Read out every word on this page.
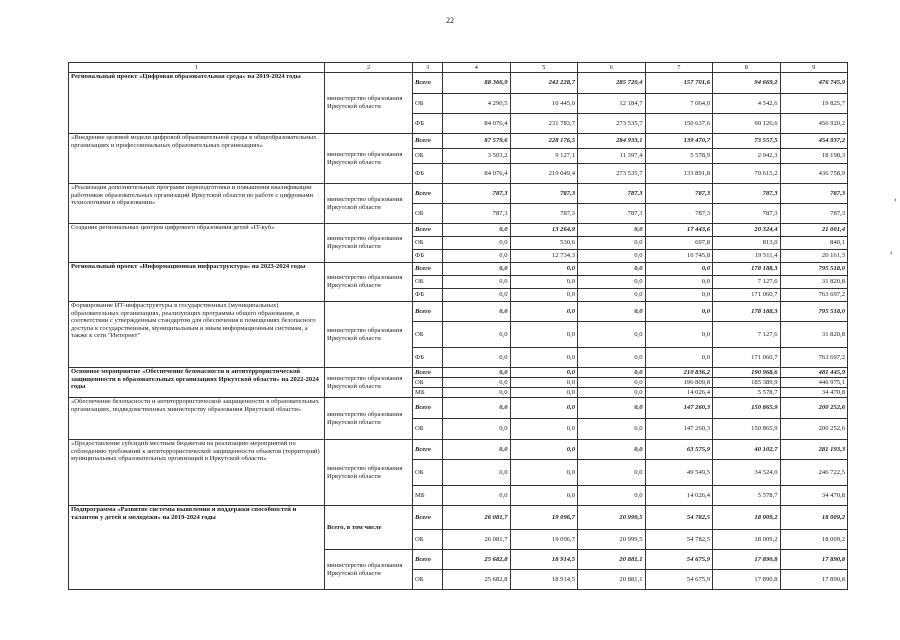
22
1	2	3	4	5	6	7	8	9
Региональный проект «Цифровая образовательная среда» на 2019-2024 годы	министерство образования Иркутской области	Всего	88 366,9	242 228,7	285 720,4	157 701,6	94 669,2	476 745,9
		ОБ	4 290,5	10 445,0	12 184,7	7 064,0	4 542,6	19 825,7
		ФБ	84 076,4	231 783,7	273 535,7	150 637,6	90 126,6	456 920,2
«Внедрение целевой модели цифровой образовательной среды в общеобразовательных организациях и профессиональных образовательных организациях»	министерство образования Иркутской области	Всего	87 579,6	228 176,5	284 933,1	139 470,7	73 557,5	454 937,2
		ОБ	3 503,2	9 127,1	11 397,4	5 578,9	2 942,3	18 198,3
		ФБ	84 076,4	219 049,4	273 535,7	133 891,8	70 615,2	436 758,9
«Реализация дополнительных программ переподготовки и повышения квалификации работников образовательных организаций Иркутской области по работе с цифровыми технологиями в образовании»	министерство образования Иркутской области	Всего	787,3	787,3	787,3	787,3	787,3	787,3
		ОБ	787,3	787,3	787,3	787,3	787,3	787,3
Создание региональных центров цифрового образования детей «IT-куб»	министерство образования Иркутской области	Всего	0,0	13 264,9	0,0	17 443,6	20 324,4	21 001,4
		ОБ	0,0	530,6	0,0	697,8	813,0	840,1
		ФБ	0,0	12 734,3	0,0	16 745,8	19 511,4	20 161,3
Региональный проект «Информационная инфраструктура» на 2023-2024 годы	министерство образования Иркутской области	Всего	0,0	0,0	0,0	0,0	178 188,3	795 518,0
		ОБ	0,0	0,0	0,0	0,0	7 127,6	31 820,8
		ФБ	0,0	0,0	0,0	0,0	171 060,7	763 697,2
Формирование ИТ-инфраструктуры в государственных (муниципальных) образовательных организациях, реализующих программы общего образования, в соответствии с утвержденным стандартом для обеспечения в помещениях безопасного доступа к государственным, муниципальным и иным информационным системам, а также к сети "Интернет"	министерство образования Иркутской области	Всего	0,0	0,0	0,0	0,0	178 188,3	795 518,0
		ОБ	0,0	0,0	0,0	0,0	7 127,6	31 820,8
		ФБ	0,0	0,0	0,0	0,0	171 060,7	763 697,2
Основное мероприятие «Обеспечение безопасности и антитеррористической защищенности в образовательных организациях Иркутской области» на 2022-2024 годы	министерство образования Иркутской области	Всего	0,0	0,0	0,0	210 836,2	190 968,6	481 445,9
		ОБ	0,0	0,0	0,0	196 809,8	185 389,9	446 975,1
		МБ	0,0	0,0	0,0	14 026,4	5 578,7	34 470,8
«Обеспечение безопасности и антитеррористической защищенности в образовательных организациях, подведомственных министерству образования Иркутской области»	министерство образования Иркутской области	Всего	0,0	0,0	0,0	147 260,3	150 865,9	200 252,6
		ОБ	0,0	0,0	0,0	147 260,3	150 865,9	200 252,6
«Предоставление субсидий местным бюджетам на реализацию мероприятий по соблюдению требований к антитеррористической защищенности объектов (территорий) муниципальных образовательных организаций в Иркутской области»	министерство образования Иркутской области	Всего	0,0	0,0	0,0	63 575,9	40 102,7	281 193,3
		ОБ	0,0	0,0	0,0	49 549,5	34 524,0	246 722,5
		МБ	0,0	0,0	0,0	14 026,4	5 578,7	34 470,8
Подпрограмма «Развитие системы выявления и поддержки способностей и талантов у детей и молодежи» на 2019-2024 годы	Всего, в том числе	Всего	26 081,7	19 096,7	20 999,5	54 782,5	18 009,2	18 009,2
		ОБ	26 081,7	19 096,7	20 999,5	54 782,5	18 009,2	18 009,2
	министерство образования Иркутской области	Всего	25 682,8	18 914,5	20 881,1	54 675,9	17 890,8	17 890,8
		ОБ	25 682,8	18 914,5	20 881,1	54 675,9	17 890,8	17 890,8
›
‹
